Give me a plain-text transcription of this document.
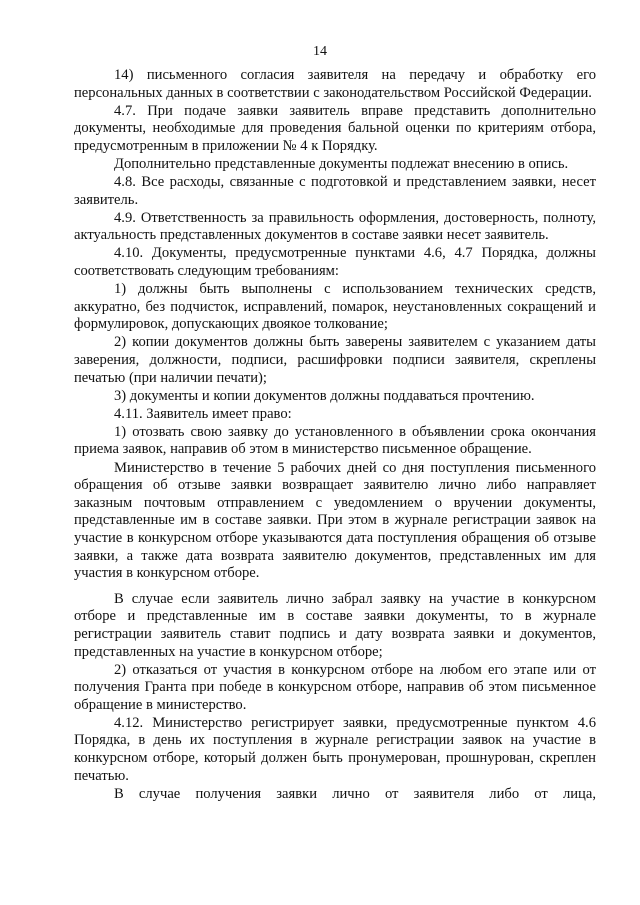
14

14) письменного согласия заявителя на передачу и обработку его персональных данных в соответствии с законодательством Российской Федерации.

4.7. При подаче заявки заявитель вправе представить дополнительно документы, необходимые для проведения бальной оценки по критериям отбора, предусмотренным в приложении № 4 к Порядку.

Дополнительно представленные документы подлежат внесению в опись.

4.8. Все расходы, связанные с подготовкой и представлением заявки, несет заявитель.

4.9. Ответственность за правильность оформления, достоверность, полноту, актуальность представленных документов в составе заявки несет заявитель.

4.10. Документы, предусмотренные пунктами 4.6, 4.7 Порядка, должны соответствовать следующим требованиям:

1) должны быть выполнены с использованием технических средств, аккуратно, без подчисток, исправлений, помарок, неустановленных сокращений и формулировок, допускающих двоякое толкование;

2) копии документов должны быть заверены заявителем с указанием даты заверения, должности, подписи, расшифровки подписи заявителя, скреплены печатью (при наличии печати);

3) документы и копии документов должны поддаваться прочтению.

4.11. Заявитель имеет право:

1) отозвать свою заявку до установленного в объявлении срока окончания приема заявок, направив об этом в министерство письменное обращение.

Министерство в течение 5 рабочих дней со дня поступления письменного обращения об отзыве заявки возвращает заявителю лично либо направляет заказным почтовым отправлением с уведомлением о вручении документы, представленные им в составе заявки. При этом в журнале регистрации заявок на участие в конкурсном отборе указываются дата поступления обращения об отзыве заявки, а также дата возврата заявителю документов, представленных им для участия в конкурсном отборе.

В случае если заявитель лично забрал заявку на участие в конкурсном отборе и представленные им в составе заявки документы, то в журнале регистрации заявитель ставит подпись и дату возврата заявки и документов, представленных на участие в конкурсном отборе;

2) отказаться от участия в конкурсном отборе на любом его этапе или от получения Гранта при победе в конкурсном отборе, направив об этом письменное обращение в министерство.

4.12. Министерство регистрирует заявки, предусмотренные пунктом 4.6 Порядка, в день их поступления в журнале регистрации заявок на участие в конкурсном отборе, который должен быть пронумерован, прошнурован, скреплен печатью.

В случае получения заявки лично от заявителя либо от лица,
